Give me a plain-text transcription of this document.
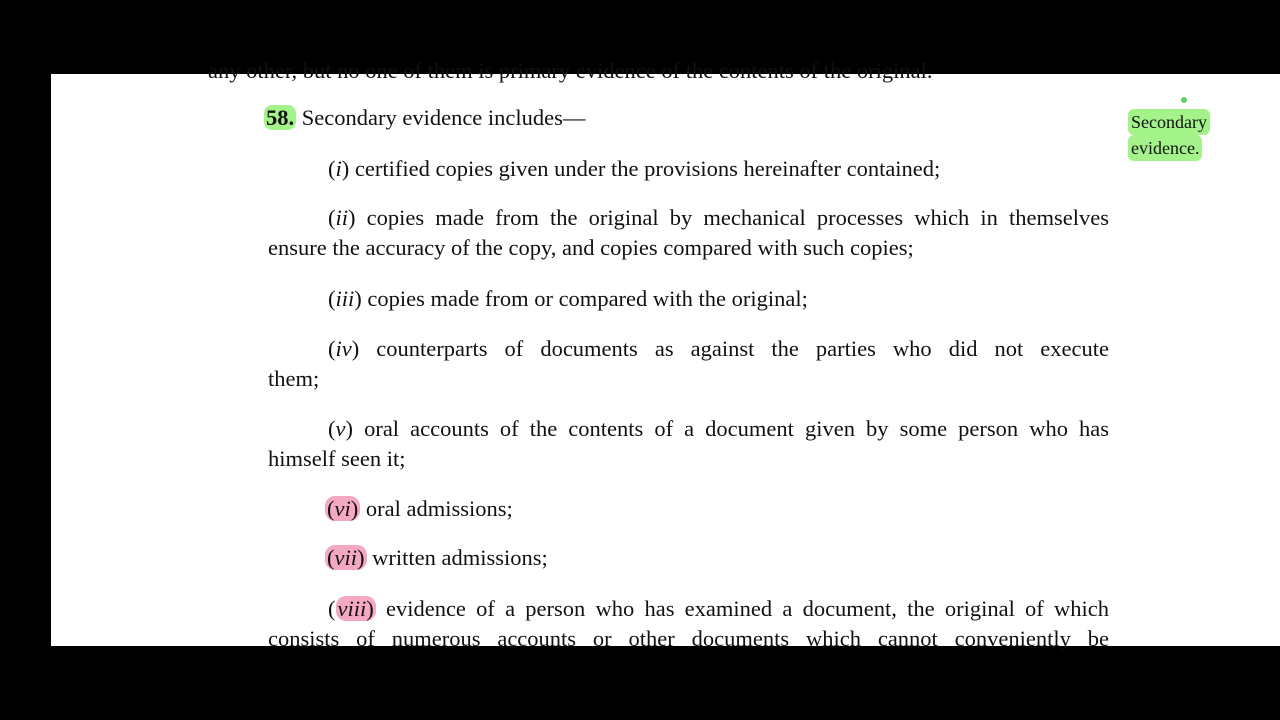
any other, but no one of them is primary evidence of the contents of the original.
58. Secondary evidence includes—	Secondary
evidence.
(i) certified copies given under the provisions hereinafter contained;
(ii) copies made from the original by mechanical processes which in themselves
ensure the accuracy of the copy, and copies compared with such copies;
(iii) copies made from or compared with the original;
(iv) counterparts of documents as against the parties who did not execute
them;
(v) oral accounts of the contents of a document given by some person who has
himself seen it;
(vi) oral admissions;
(vii) written admissions;
(viii) evidence of a person who has examined a document, the original of which
consists of numerous accounts or other documents which cannot conveniently be
